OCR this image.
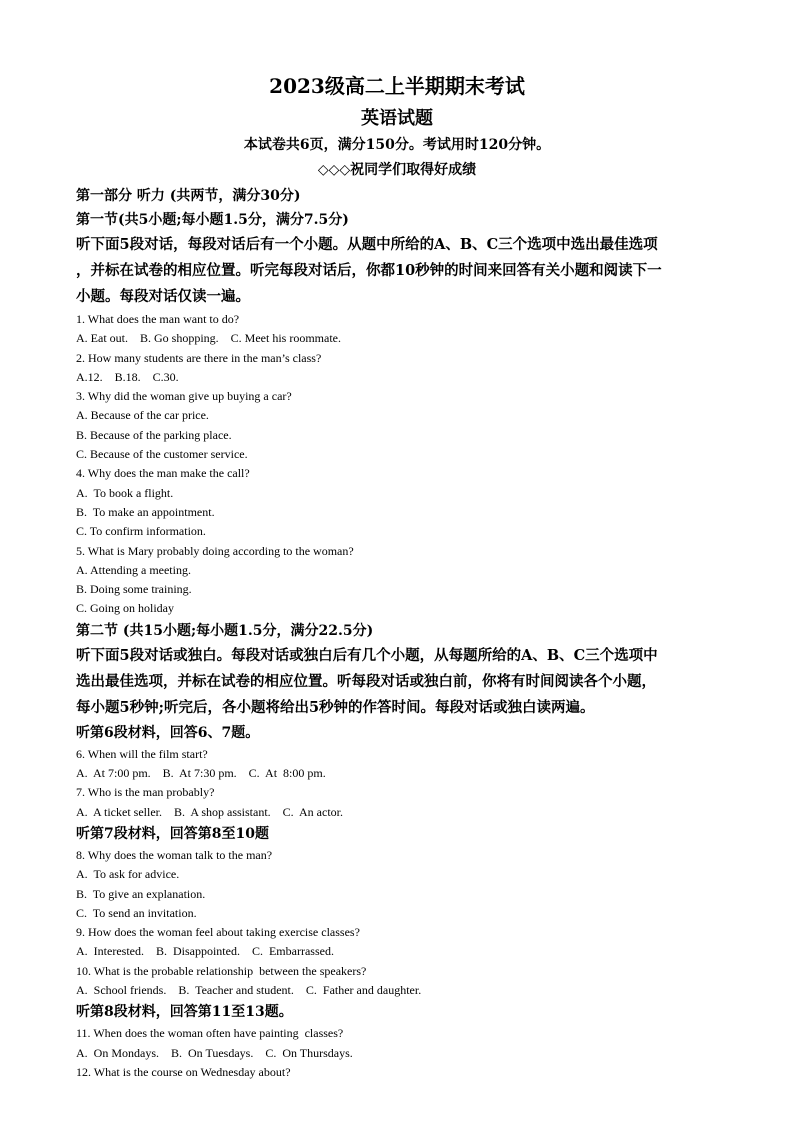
2023级高二上半期期末考试
英语试题
本试卷共6页，满分150分。考试用时120分钟。
◇◇◇祝同学们取得好成绩
第一部分 听力 (共两节，满分30分)
第一节(共5小题;每小题1.5分，满分7.5分)
听下面5段对话，每段对话后有一个小题。从题中所给的A、B、C三个选项中选出最佳选项
，并标在试卷的相应位置。听完每段对话后，你都10秒钟的时间来回答有关小题和阅读下一
小题。每段对话仅读一遍。
1. What does the man want to do?
A. Eat out.    B. Go shopping.    C. Meet his roommate.
2. How many students are there in the man’s class?
A.12.    B.18.    C.30.
3. Why did the woman give up buying a car?
A. Because of the car price.
B. Because of the parking place.
C. Because of the customer service.
4. Why does the man make the call?
A.  To book a flight.
B.  To make an appointment.
C. To confirm information.
5. What is Mary probably doing according to the woman?
A. Attending a meeting.
B. Doing some training.
C. Going on holiday
第二节 (共15小题;每小题1.5分，满分22.5分)
听下面5段对话或独白。每段对话或独白后有几个小题，从每题所给的A、B、C三个选项中
选出最佳选项，并标在试卷的相应位置。听每段对话或独白前，你将有时间阅读各个小题，
每小题5秒钟;听完后，各小题将给出5秒钟的作答时间。每段对话或独白读两遍。
听第6段材料，回答6、7题。
6. When will the film start?
A.  At 7:00 pm.    B.  At 7:30 pm.    C.  At  8:00 pm.
7. Who is the man probably?
A.  A ticket seller.    B.  A shop assistant.    C.  An actor.
听第7段材料，回答第8至10题
8. Why does the woman talk to the man?
A.  To ask for advice.
B.  To give an explanation.
C.  To send an invitation.
9. How does the woman feel about taking exercise classes?
A.  Interested.    B.  Disappointed.    C.  Embarrassed.
10. What is the probable relationship  between the speakers?
A.  School friends.    B.  Teacher and student.    C.  Father and daughter.
听第8段材料，回答第11至13题。
11. When does the woman often have painting  classes?
A.  On Mondays.    B.  On Tuesdays.    C.  On Thursdays.
12. What is the course on Wednesday about?
